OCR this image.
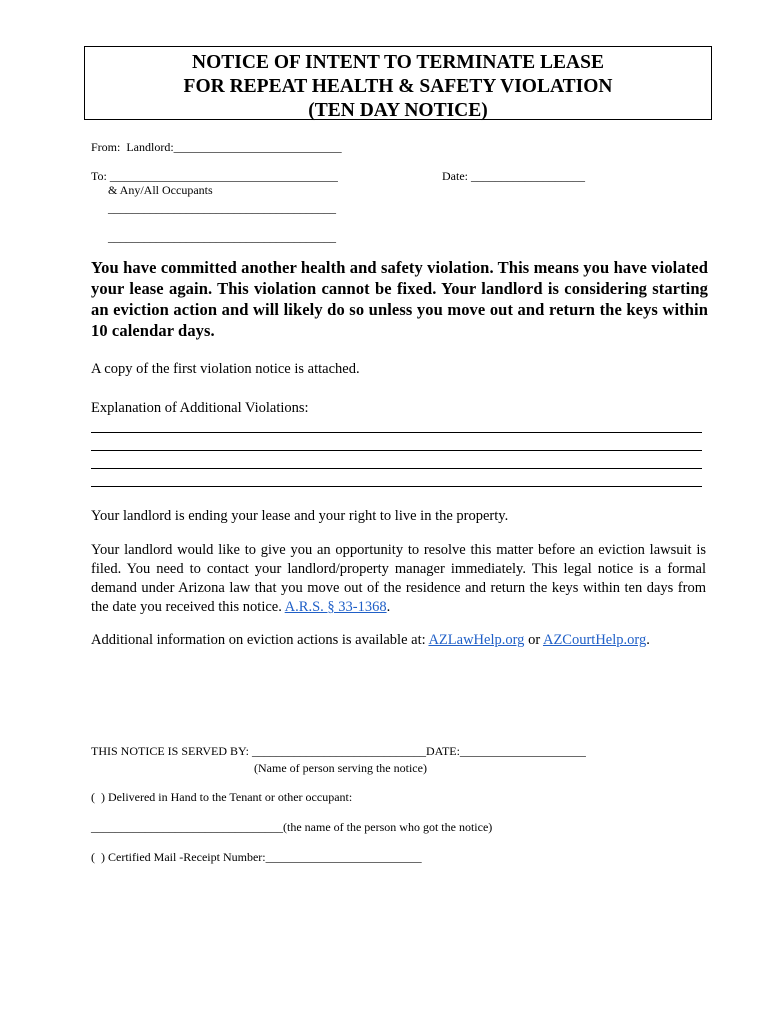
NOTICE OF INTENT TO TERMINATE LEASE
FOR REPEAT HEALTH & SAFETY VIOLATION
(TEN DAY NOTICE)
From:  Landlord:____________________________
To: ______________________________________	Date: ___________________
& Any/All Occupants
______________________________________
______________________________________
You have committed another health and safety violation. This means you have violated your lease again. This violation cannot be fixed. Your landlord is considering starting an eviction action and will likely do so unless you move out and return the keys within 10 calendar days.
A copy of the first violation notice is attached.
Explanation of Additional Violations:
Your landlord is ending your lease and your right to live in the property.
Your landlord would like to give you an opportunity to resolve this matter before an eviction lawsuit is filed. You need to contact your landlord/property manager immediately. This legal notice is a formal demand under Arizona law that you move out of the residence and return the keys within ten days from the date you received this notice. A.R.S. § 33-1368.
Additional information on eviction actions is available at: AZLawHelp.org or AZCourtHelp.org.
THIS NOTICE IS SERVED BY: _____________________________DATE:_____________________
(Name of person serving the notice)
(  ) Delivered in Hand to the Tenant or other occupant:
________________________________(the name of the person who got the notice)
(  ) Certified Mail -Receipt Number:__________________________
